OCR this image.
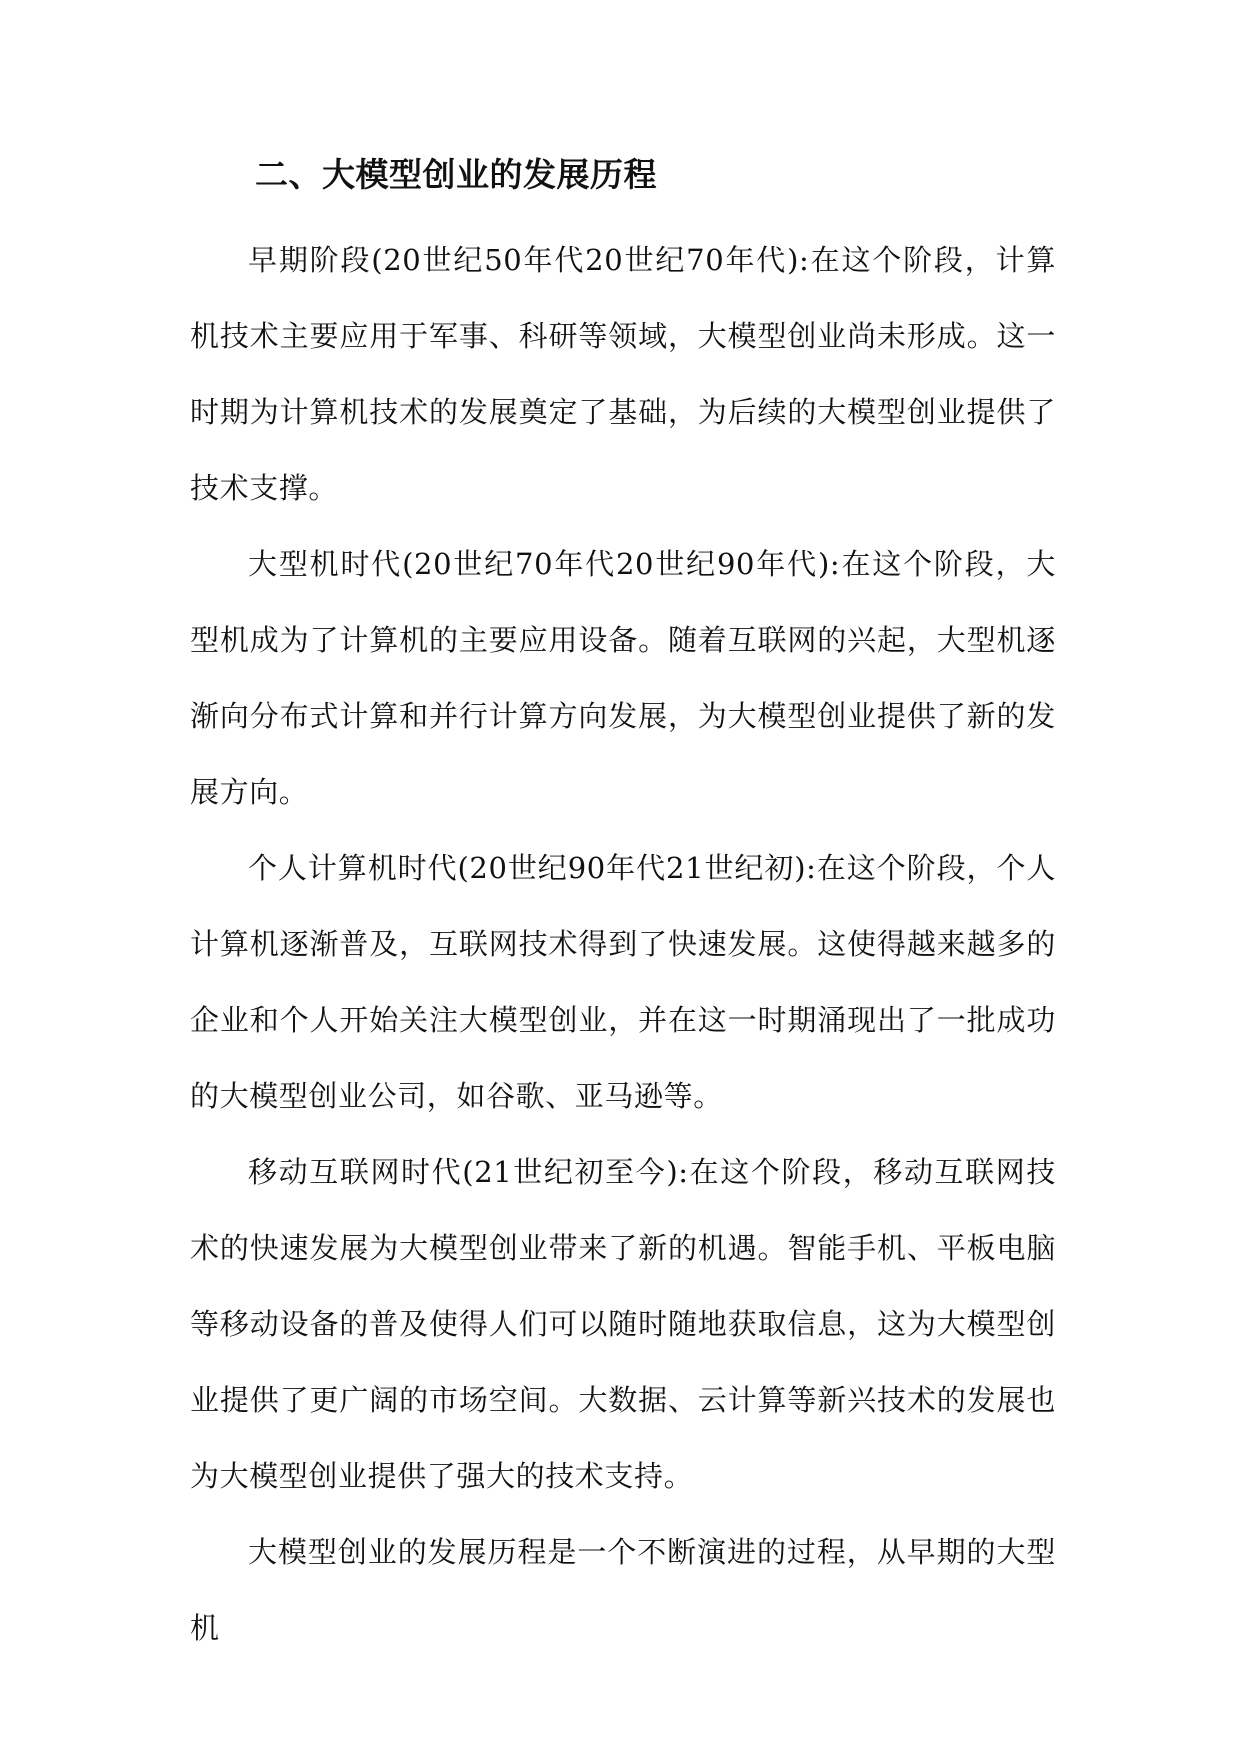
二、大模型创业的发展历程

早期阶段(20世纪50年代20世纪70年代):在这个阶段，计算机技术主要应用于军事、科研等领域，大模型创业尚未形成。这一时期为计算机技术的发展奠定了基础，为后续的大模型创业提供了技术支撑。

大型机时代(20世纪70年代20世纪90年代):在这个阶段，大型机成为了计算机的主要应用设备。随着互联网的兴起，大型机逐渐向分布式计算和并行计算方向发展，为大模型创业提供了新的发展方向。

个人计算机时代(20世纪90年代21世纪初):在这个阶段，个人计算机逐渐普及，互联网技术得到了快速发展。这使得越来越多的企业和个人开始关注大模型创业，并在这一时期涌现出了一批成功的大模型创业公司，如谷歌、亚马逊等。

移动互联网时代(21世纪初至今):在这个阶段，移动互联网技术的快速发展为大模型创业带来了新的机遇。智能手机、平板电脑等移动设备的普及使得人们可以随时随地获取信息，这为大模型创业提供了更广阔的市场空间。大数据、云计算等新兴技术的发展也为大模型创业提供了强大的技术支持。

大模型创业的发展历程是一个不断演进的过程，从早期的大型机
